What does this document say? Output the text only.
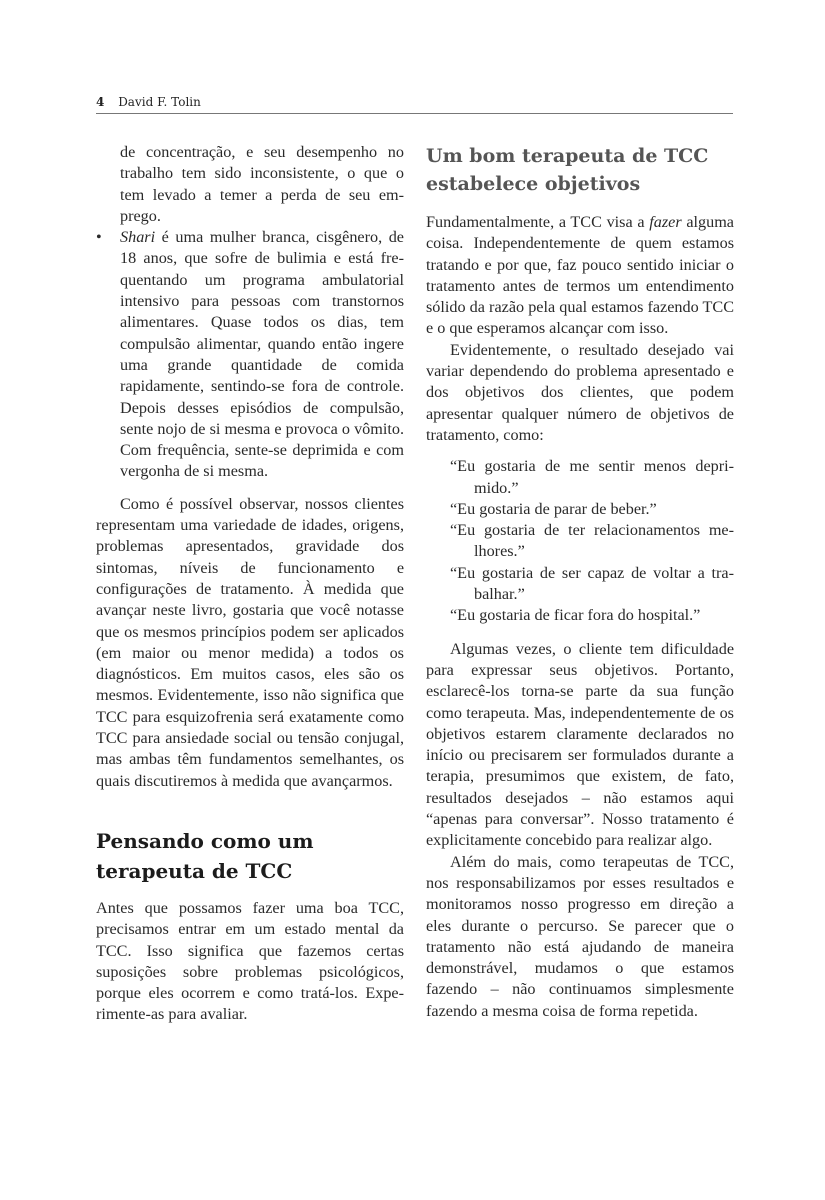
4 David F. Tolin

de concentração, e seu desempenho no trabalho tem sido inconsistente, o que o tem levado a temer a perda de seu emprego.

• Shari é uma mulher branca, cisgênero, de 18 anos, que sofre de bulimia e está frequentando um programa ambulatorial intensivo para pessoas com transtornos alimentares. Quase todos os dias, tem compulsão alimentar, quando então ingere uma grande quantidade de comida rapidamente, sentindo-se fora de controle. Depois desses episódios de compulsão, sente nojo de si mesma e provoca o vômito. Com frequência, sente-se deprimida e com vergonha de si mesma.

Como é possível observar, nossos clientes representam uma variedade de idades, origens, problemas apresentados, gravidade dos sintomas, níveis de funcionamento e configurações de tratamento. À medida que avançar neste livro, gostaria que você notasse que os mesmos princípios podem ser aplicados (em maior ou menor medida) a todos os diagnósticos. Em muitos casos, eles são os mesmos. Evidentemente, isso não significa que TCC para esquizofrenia será exatamente como TCC para ansiedade social ou tensão conjugal, mas ambas têm fundamentos semelhantes, os quais discutiremos à medida que avançarmos.

Pensando como um terapeuta de TCC

Antes que possamos fazer uma boa TCC, precisamos entrar em um estado mental da TCC. Isso significa que fazemos certas suposições sobre problemas psicológicos, porque eles ocorrem e como tratá-los. Experimente-as para avaliar.

Um bom terapeuta de TCC estabelece objetivos

Fundamentalmente, a TCC visa a fazer alguma coisa. Independentemente de quem estamos tratando e por que, faz pouco sentido iniciar o tratamento antes de termos um entendimento sólido da razão pela qual estamos fazendo TCC e o que esperamos alcançar com isso.

Evidentemente, o resultado desejado vai variar dependendo do problema apresentado e dos objetivos dos clientes, que podem apresentar qualquer número de objetivos de tratamento, como:

“Eu gostaria de me sentir menos deprimido.”
“Eu gostaria de parar de beber.”
“Eu gostaria de ter relacionamentos melhores.”
“Eu gostaria de ser capaz de voltar a trabalhar.”
“Eu gostaria de ficar fora do hospital.”

Algumas vezes, o cliente tem dificuldade para expressar seus objetivos. Portanto, esclarecê-los torna-se parte da sua função como terapeuta. Mas, independentemente de os objetivos estarem claramente declarados no início ou precisarem ser formulados durante a terapia, presumimos que existem, de fato, resultados desejados – não estamos aqui “apenas para conversar”. Nosso tratamento é explicitamente concebido para realizar algo.

Além do mais, como terapeutas de TCC, nos responsabilizamos por esses resultados e monitoramos nosso progresso em direção a eles durante o percurso. Se parecer que o tratamento não está ajudando de maneira demonstrável, mudamos o que estamos fazendo – não continuamos simplesmente fazendo a mesma coisa de forma repetida.
